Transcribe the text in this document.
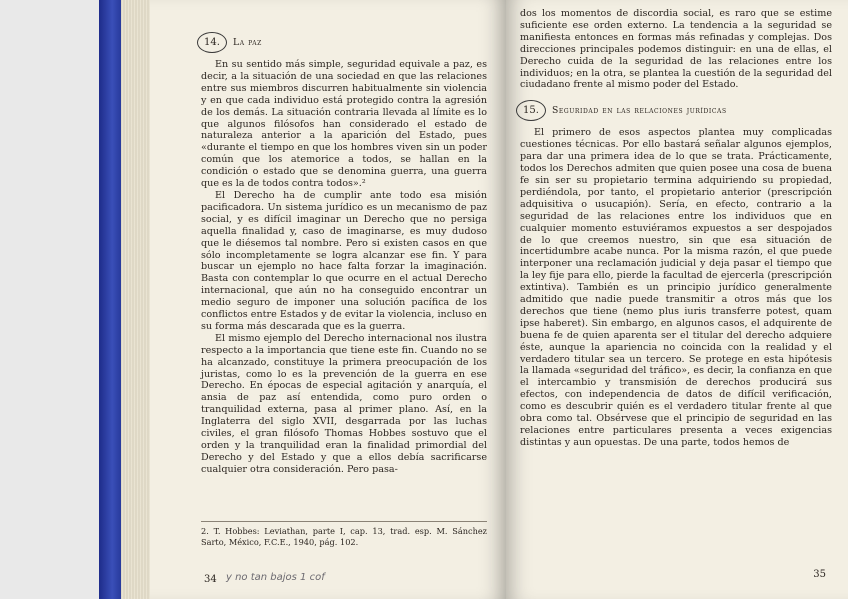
14.	La paz

En su sentido más simple, seguridad equivale a paz, es decir, a la situación de una sociedad en que las relaciones entre sus miembros discurren habitualmente sin violencia y en que cada individuo está protegido contra la agresión de los demás. La situación contraria llevada al límite es lo que algunos filósofos han considerado el estado de naturaleza anterior a la aparición del Estado, pues «durante el tiempo en que los hombres viven sin un poder común que los atemorice a todos, se hallan en la condición o estado que se denomina guerra, una guerra que es la de todos contra todos».²

El Derecho ha de cumplir ante todo esa misión pacificadora. Un sistema jurídico es un mecanismo de paz social, y es difícil imaginar un Derecho que no persiga aquella finalidad y, caso de imaginarse, es muy dudoso que le diésemos tal nombre. Pero si existen casos en que sólo incompletamente se logra alcanzar ese fin. Y para buscar un ejemplo no hace falta forzar la imaginación. Basta con contemplar lo que ocurre en el actual Derecho internacional, que aún no ha conseguido encontrar un medio seguro de imponer una solución pacífica de los conflictos entre Estados y de evitar la violencia, incluso en su forma más descarada que es la guerra.

El mismo ejemplo del Derecho internacional nos ilustra respecto a la importancia que tiene este fin. Cuando no se ha alcanzado, constituye la primera preocupación de los juristas, como lo es la prevención de la guerra en ese Derecho. En épocas de especial agitación y anarquía, el ansia de paz así entendida, como puro orden o tranquilidad externa, pasa al primer plano. Así, en la Inglaterra del siglo XVII, desgarrada por las luchas civiles, el gran filósofo Thomas Hobbes sostuvo que el orden y la tranquilidad eran la finalidad primordial del Derecho y del Estado y que a ellos debía sacrificarse cualquier otra consideración. Pero pasa-

2. T. Hobbes: Leviathan, parte I, cap. 13, trad. esp. M. Sánchez Sarto, México, F.C.E., 1940, pág. 102.
34 y no tan bajos 1 cof

dos los momentos de discordia social, es raro que se estime suficiente ese orden externo. La tendencia a la seguridad se manifiesta entonces en formas más refinadas y complejas. Dos direcciones principales podemos distinguir: en una de ellas, el Derecho cuida de la seguridad de las relaciones entre los individuos; en la otra, se plantea la cuestión de la seguridad del ciudadano frente al mismo poder del Estado.

15.	Seguridad en las relaciones jurídicas

El primero de esos aspectos plantea muy complicadas cuestiones técnicas. Por ello bastará señalar algunos ejemplos, para dar una primera idea de lo que se trata. Prácticamente, todos los Derechos admiten que quien posee una cosa de buena fe sin ser su propietario termina adquiriendo su propiedad, perdiéndola, por tanto, el propietario anterior (prescripción adquisitiva o usucapión). Sería, en efecto, contrario a la seguridad de las relaciones entre los individuos que en cualquier momento estuviéramos expuestos a ser despojados de lo que creemos nuestro, sin que esa situación de incertidumbre acabe nunca. Por la misma razón, el que puede interponer una reclamación judicial y deja pasar el tiempo que la ley fije para ello, pierde la facultad de ejercerla (prescripción extintiva). También es un principio jurídico generalmente admitido que nadie puede transmitir a otros más que los derechos que tiene (nemo plus iuris transferre potest, quam ipse haberet). Sin embargo, en algunos casos, el adquirente de buena fe de quien aparenta ser el titular del derecho adquiere éste, aunque la apariencia no coincida con la realidad y el verdadero titular sea un tercero. Se protege en esta hipótesis la llamada «seguridad del tráfico», es decir, la confianza en que el intercambio y transmisión de derechos producirá sus efectos, con independencia de datos de difícil verificación, como es descubrir quién es el verdadero titular frente al que obra como tal. Obsérvese que el principio de seguridad en las relaciones entre particulares presenta a veces exigencias distintas y aun opuestas. De una parte, todos hemos de

35
